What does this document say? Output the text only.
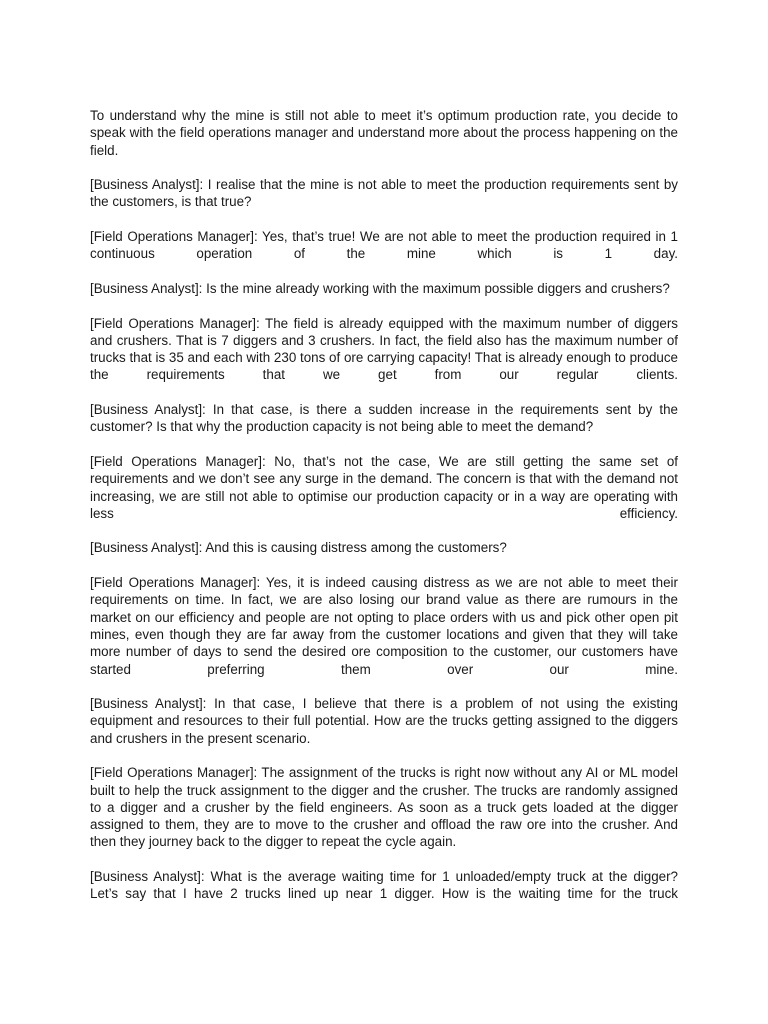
To understand why the mine is still not able to meet it’s optimum production rate, you decide to speak with the field operations manager and understand more about the process happening on the field.

[Business Analyst]: I realise that the mine is not able to meet the production requirements sent by the customers, is that true?

[Field Operations Manager]: Yes, that’s true! We are not able to meet the production required in 1 continuous operation of the mine which is 1 day.

[Business Analyst]: Is the mine already working with the maximum possible diggers and crushers?

[Field Operations Manager]: The field is already equipped with the maximum number of diggers and crushers. That is 7 diggers and 3 crushers. In fact, the field also has the maximum number of trucks that is 35 and each with 230 tons of ore carrying capacity! That is already enough to produce the requirements that we get from our regular clients.

[Business Analyst]: In that case, is there a sudden increase in the requirements sent by the customer? Is that why the production capacity is not being able to meet the demand?

[Field Operations Manager]: No, that’s not the case, We are still getting the same set of requirements and we don’t see any surge in the demand. The concern is that with the demand not increasing, we are still not able to optimise our production capacity or in a way are operating with less efficiency.

[Business Analyst]: And this is causing distress among the customers?

[Field Operations Manager]: Yes, it is indeed causing distress as we are not able to meet their requirements on time. In fact, we are also losing our brand value as there are rumours in the market on our efficiency and people are not opting to place orders with us and pick other open pit mines, even though they are far away from the customer locations and given that they will take more number of days to send the desired ore composition to the customer, our customers have started preferring them over our mine.

[Business Analyst]: In that case, I believe that there is a problem of not using the existing equipment and resources to their full potential. How are the trucks getting assigned to the diggers and crushers in the present scenario.

[Field Operations Manager]: The assignment of the trucks is right now without any AI or ML model built to help the truck assignment to the digger and the crusher. The trucks are randomly assigned to a digger and a crusher by the field engineers. As soon as a truck gets loaded at the digger assigned to them, they are to move to the crusher and offload the raw ore into the crusher. And then they journey back to the digger to repeat the cycle again.

[Business Analyst]: What is the average waiting time for 1 unloaded/empty truck at the digger? Let’s say that I have 2 trucks lined up near 1 digger. How is the waiting time for the truck
